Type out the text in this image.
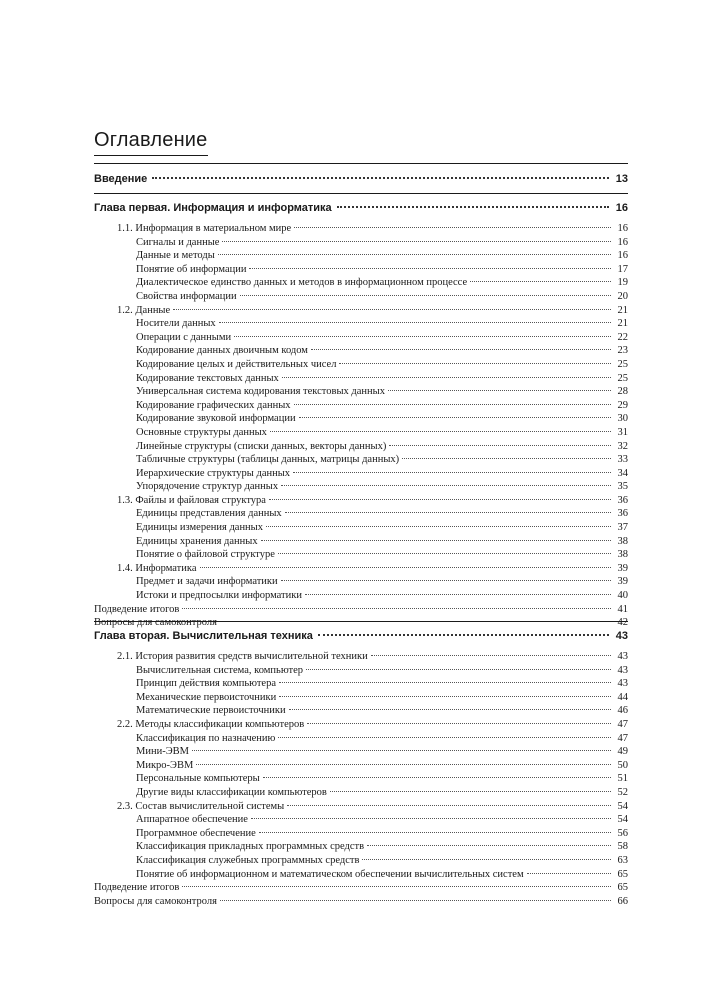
Оглавление
Введение	13
Глава первая. Информация и информатика	16
1.1. Информация в материальном мире	16
Сигналы и данные	16
Данные и методы	16
Понятие об информации	17
Диалектическое единство данных и методов в информационном процессе	19
Свойства информации	20
1.2. Данные	21
Носители данных	21
Операции с данными	22
Кодирование данных двоичным кодом	23
Кодирование целых и действительных чисел	25
Кодирование текстовых данных	25
Универсальная система кодирования текстовых данных	28
Кодирование графических данных	29
Кодирование звуковой информации	30
Основные структуры данных	31
Линейные структуры (списки данных, векторы данных)	32
Табличные структуры (таблицы данных, матрицы данных)	33
Иерархические структуры данных	34
Упорядочение структур данных	35
1.3. Файлы и файловая структура	36
Единицы представления данных	36
Единицы измерения данных	37
Единицы хранения данных	38
Понятие о файловой структуре	38
1.4. Информатика	39
Предмет и задачи информатики	39
Истоки и предпосылки информатики	40
Подведение итогов	41
Вопросы для самоконтроля	42
Глава вторая. Вычислительная техника	43
2.1. История развития средств вычислительной техники	43
Вычислительная система, компьютер	43
Принцип действия компьютера	43
Механические первоисточники	44
Математические первоисточники	46
2.2. Методы классификации компьютеров	47
Классификация по назначению	47
Мини-ЭВМ	49
Микро-ЭВМ	50
Персональные компьютеры	51
Другие виды классификации компьютеров	52
2.3. Состав вычислительной системы	54
Аппаратное обеспечение	54
Программное обеспечение	56
Классификация прикладных программных средств	58
Классификация служебных программных средств	63
Понятие об информационном и математическом обеспечении вычислительных систем	65
Подведение итогов	65
Вопросы для самоконтроля	66
